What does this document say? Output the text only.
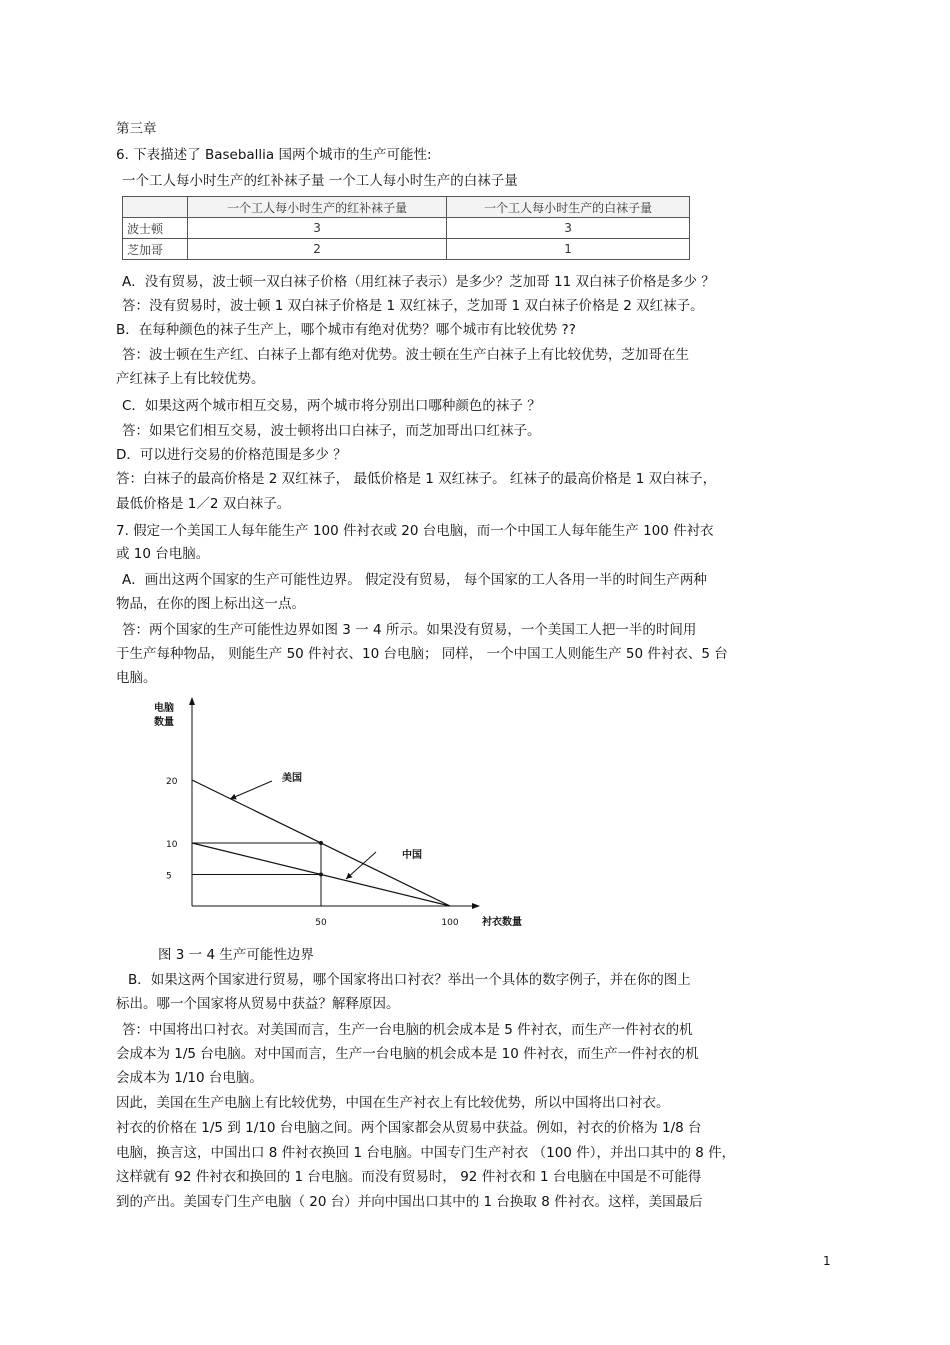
第三章
6. 下表描述了 Baseballia 国两个城市的生产可能性:
一个工人每小时生产的红补袜子量 一个工人每小时生产的白袜子量
	一个工人每小时生产的红补袜子量	一个工人每小时生产的白袜子量
波士顿	3	3
芝加哥	2	1
A．没有贸易，波士顿一双白袜子价格（用红袜子表示）是多少？芝加哥 11 双白袜子价格是多少 ？
答：没有贸易时，波士顿 1 双白袜子价格是 1 双红袜子，芝加哥 1 双白袜子价格是 2 双红袜子。
B．在每种颜色的袜子生产上，哪个城市有绝对优势？哪个城市有比较优势 ??
答：波士顿在生产红、白袜子上都有绝对优势。波士顿在生产白袜子上有比较优势，芝加哥在生
产红袜子上有比较优势。
C．如果这两个城市相互交易，两个城市将分别出口哪种颜色的袜子 ？
答：如果它们相互交易，波士顿将出口白袜子，而芝加哥出口红袜子。
D．可以进行交易的价格范围是多少 ？
答：白袜子的最高价格是 2 双红袜子， 最低价格是 1 双红袜子。 红袜子的最高价格是 1 双白袜子，
最低价格是 1／2 双白袜子。
7. 假定一个美国工人每年能生产 100 件衬衣或 20 台电脑，而一个中国工人每年能生产 100 件衬衣
或 10 台电脑。
A．画出这两个国家的生产可能性边界。 假定没有贸易， 每个国家的工人各用一半的时间生产两种
物品，在你的图上标出这一点。
答：两个国家的生产可能性边界如图 3 一 4 所示。如果没有贸易，一个美国工人把一半的时间用
于生产每种物品， 则能生产 50 件衬衣、10 台电脑； 同样， 一个中国工人则能生产 50 件衬衣、5 台
电脑。
电脑
数量
衬衣数量
5
10
20
50	100
美国
中国
图 3 一 4 生产可能性边界
B．如果这两个国家进行贸易，哪个国家将出口衬衣？举出一个具体的数字例子，并在你的图上
标出。哪一个国家将从贸易中获益？解释原因。
答：中国将出口衬衣。对美国而言，生产一台电脑的机会成本是 5 件衬衣，而生产一件衬衣的机
会成本为 1/5 台电脑。对中国而言，生产一台电脑的机会成本是 10 件衬衣，而生产一件衬衣的机
会成本为 1/10 台电脑。
因此，美国在生产电脑上有比较优势，中国在生产衬衣上有比较优势，所以中国将出口衬衣。
衬衣的价格在 1/5 到 1/10 台电脑之间。两个国家都会从贸易中获益。例如，衬衣的价格为 1/8 台
电脑，换言这，中国出口 8 件衬衣换回 1 台电脑。中国专门生产衬衣 （100 件），并出口其中的 8 件，
这样就有 92 件衬衣和换回的 1 台电脑。而没有贸易时， 92 件衬衣和 1 台电脑在中国是不可能得
到的产出。美国专门生产电脑（ 20 台）并向中国出口其中的 1 台换取 8 件衬衣。这样，美国最后
1
